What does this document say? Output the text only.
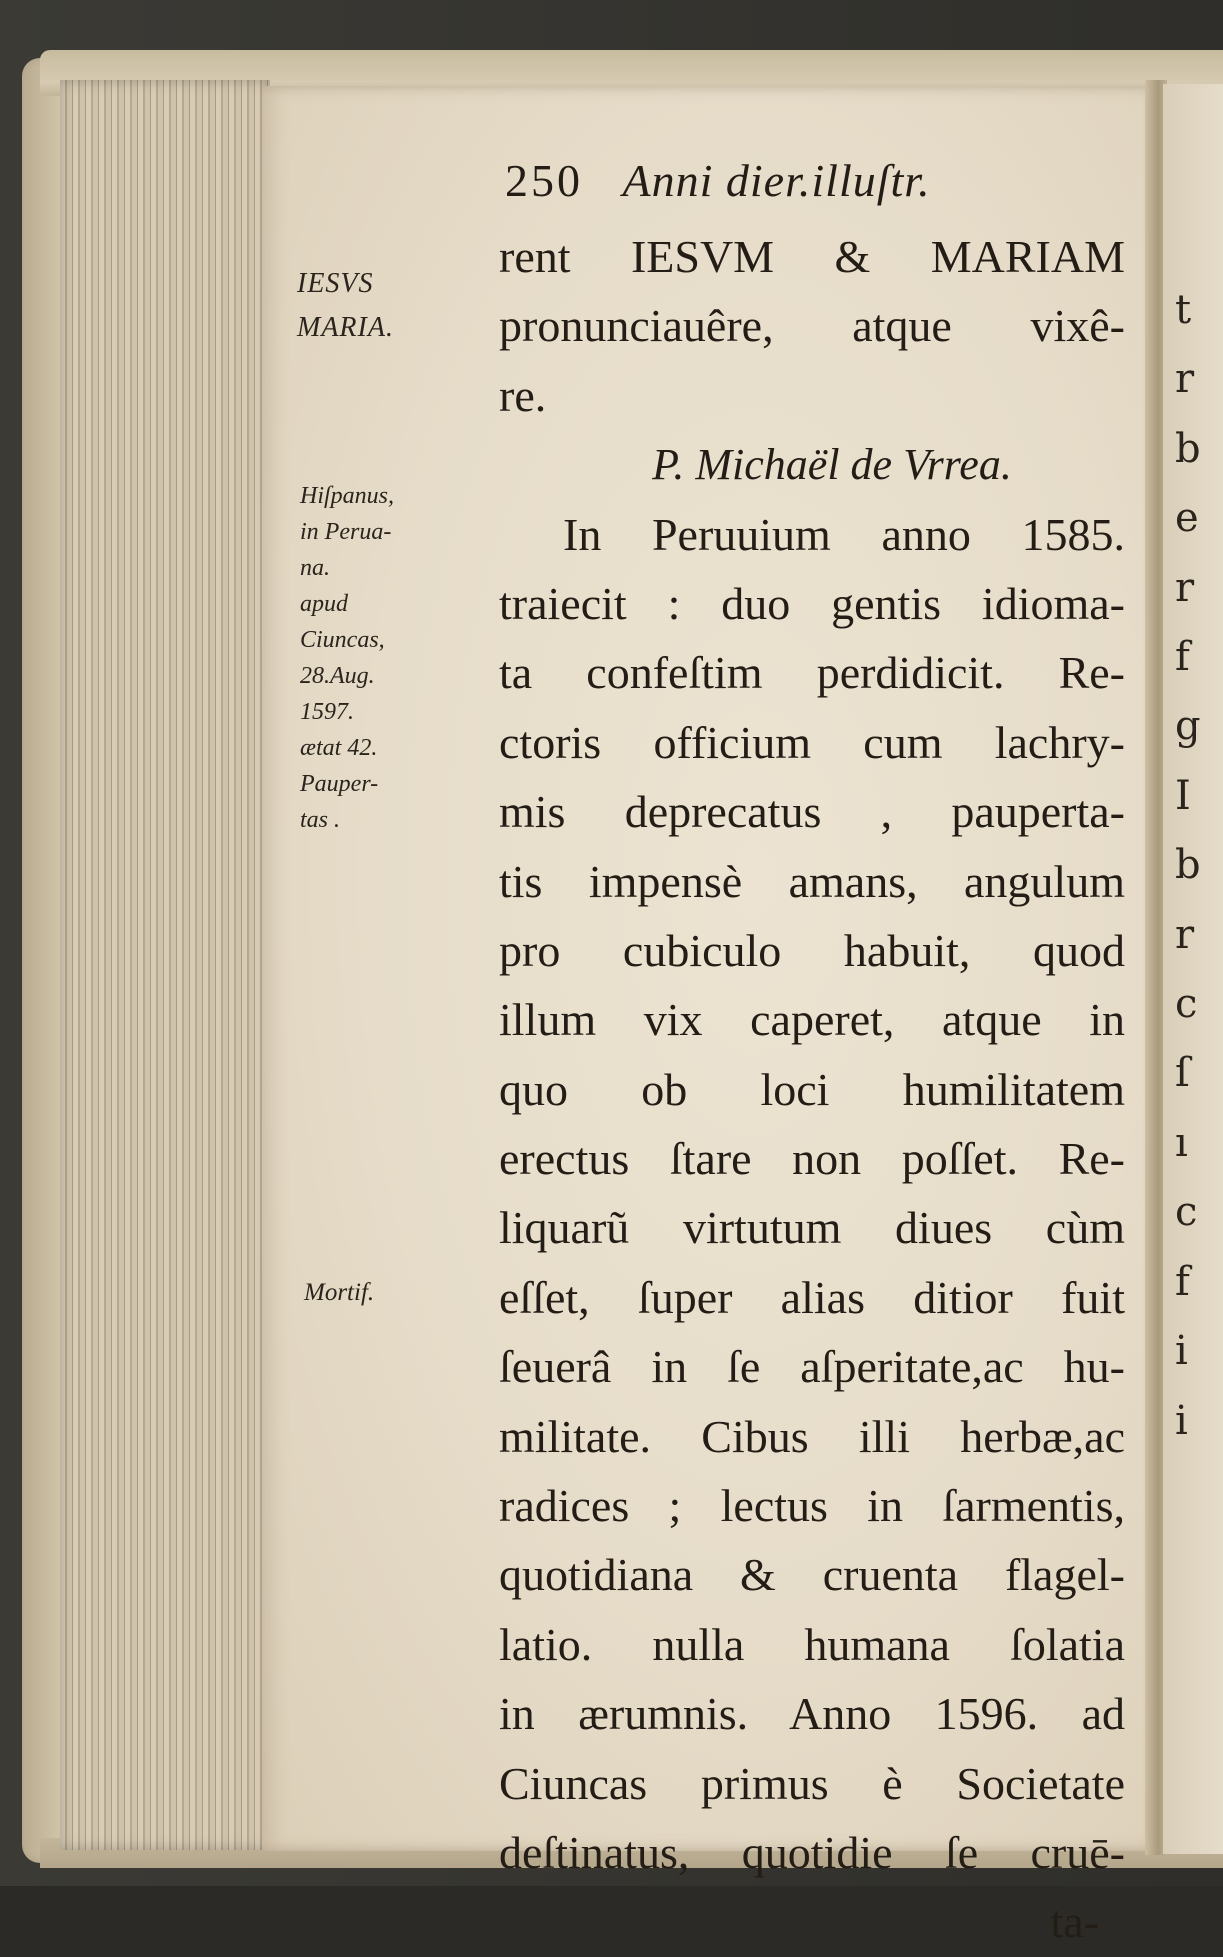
t
r
b
e
r
f
g
I
b
r
c
ſ
ı
c
f
i
i
250 Anni dier.illuſtr.
IESVS
MARIA.
Hiſpanus,
in Perua-
na.
apud
Ciuncas,
28.Aug.
1597.
ætat 42.
Pauper-
tas .
Mortif.
rent IESVM & MARIAM
pronunciauêre, atque vixê-
re.
P. Michaël de Vrrea.
In Peruuium anno 1585.
traiecit : duo gentis idioma-
ta confeſtim perdidicit. Re-
ctoris officium cum lachry-
mis deprecatus , pauperta-
tis impensè amans, angulum
pro cubiculo habuit, quod
illum vix caperet, atque in
quo ob loci humilitatem
erectus ſtare non poſſet. Re-
liquarũ virtutum diues cùm
eſſet, ſuper alias ditior fuit
ſeuerâ in ſe aſperitate,ac hu-
militate. Cibus illi herbæ,ac
radices ; lectus in ſarmentis,
quotidiana & cruenta flagel-
latio. nulla humana ſolatia
in ærumnis. Anno 1596. ad
Ciuncas primus è Societate
deſtinatus, quotidie ſe cruē-
ta-
